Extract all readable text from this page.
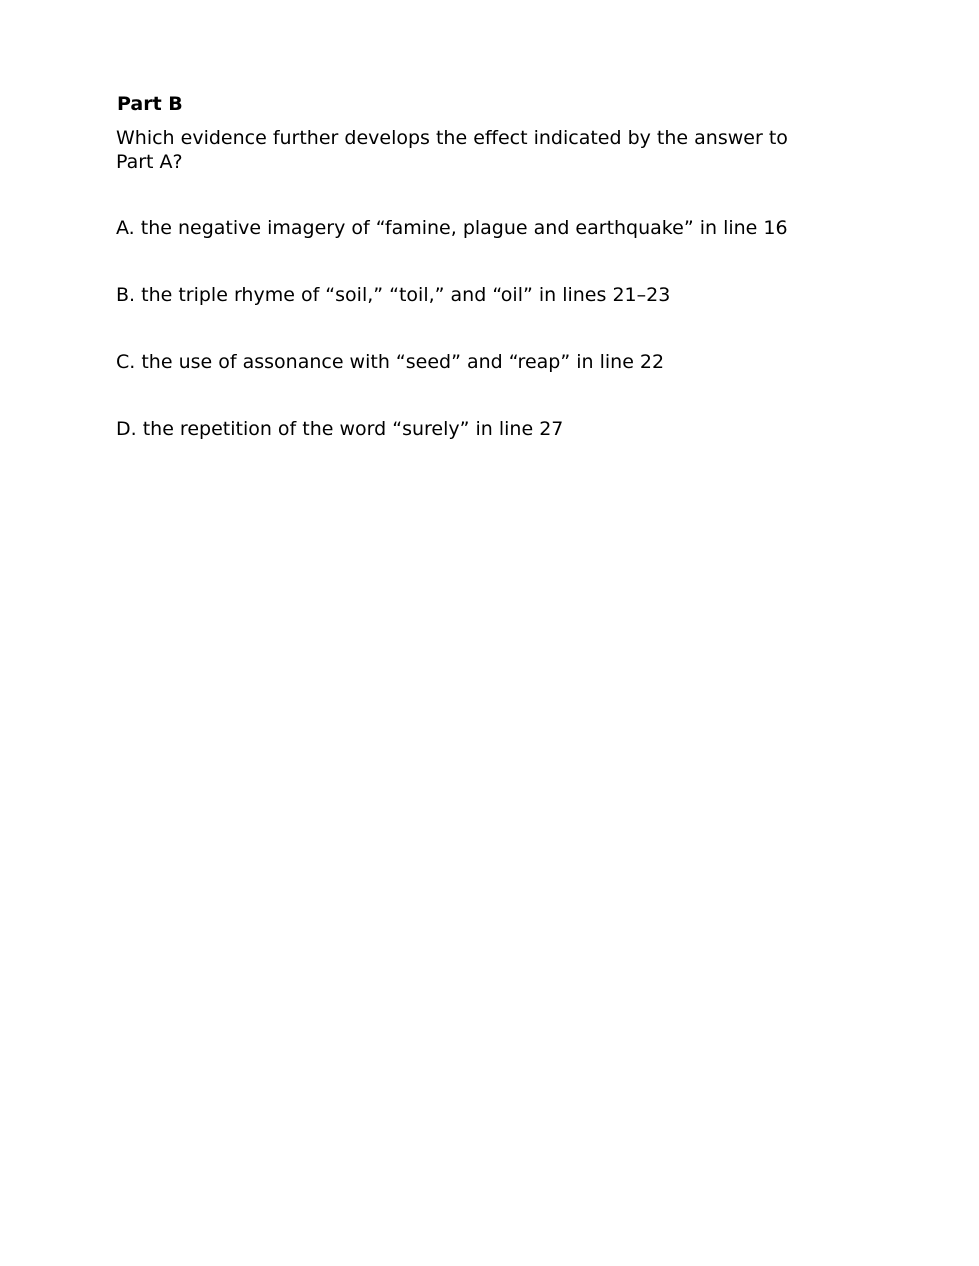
Part B

Which evidence further develops the effect indicated by the answer to Part A?

A. the negative imagery of “famine, plague and earthquake” in line 16
B. the triple rhyme of “soil,” “toil,” and “oil” in lines 21–23
C. the use of assonance with “seed” and “reap” in line 22
D. the repetition of the word “surely” in line 27
